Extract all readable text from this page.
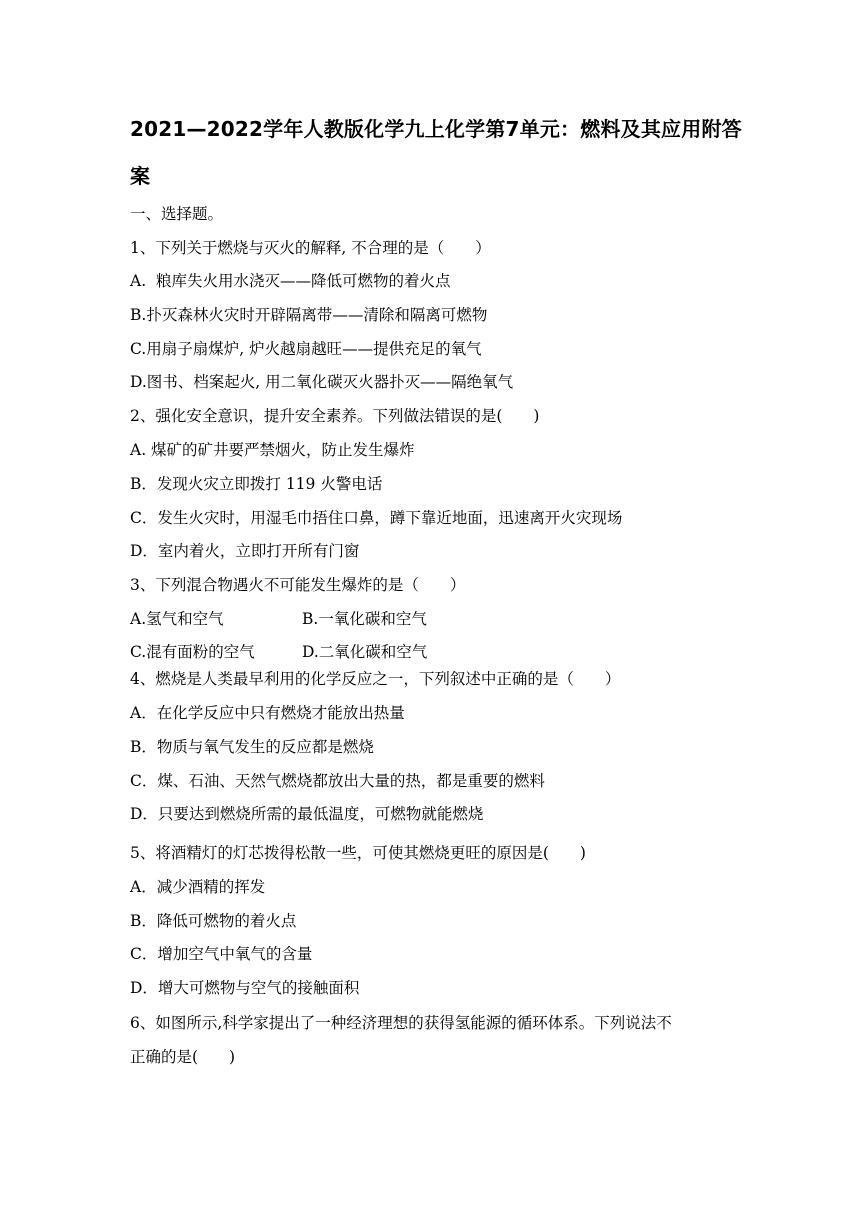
2021—2022学年人教版化学九上化学第7单元：燃料及其应用附答案
一、选择题。
1、下列关于燃烧与灭火的解释, 不合理的是（　　）
A.  粮库失火用水浇灭——降低可燃物的着火点
B.扑灭森林火灾时开辟隔离带——清除和隔离可燃物
C.用扇子扇煤炉, 炉火越扇越旺——提供充足的氧气
D.图书、档案起火, 用二氧化碳灭火器扑灭——隔绝氧气
2、强化安全意识，提升安全素养。下列做法错误的是(　　)
A. 煤矿的矿井要严禁烟火，防止发生爆炸
B．发现火灾立即拨打 119 火警电话
C．发生火灾时，用湿毛巾捂住口鼻，蹲下靠近地面，迅速离开火灾现场
D．室内着火，立即打开所有门窗
3、下列混合物遇火不可能发生爆炸的是（　　）
A.氢气和空气	B.一氧化碳和空气
C.混有面粉的空气	D.二氧化碳和空气
4、燃烧是人类最早利用的化学反应之一，下列叙述中正确的是（　　）
A．在化学反应中只有燃烧才能放出热量
B．物质与氧气发生的反应都是燃烧
C．煤、石油、天然气燃烧都放出大量的热，都是重要的燃料
D．只要达到燃烧所需的最低温度，可燃物就能燃烧
5、将酒精灯的灯芯拨得松散一些，可使其燃烧更旺的原因是(　　)
A．减少酒精的挥发
B．降低可燃物的着火点
C．增加空气中氧气的含量
D．增大可燃物与空气的接触面积
6、如图所示,科学家提出了一种经济理想的获得氢能源的循环体系。下列说法不
正确的是(　　)
